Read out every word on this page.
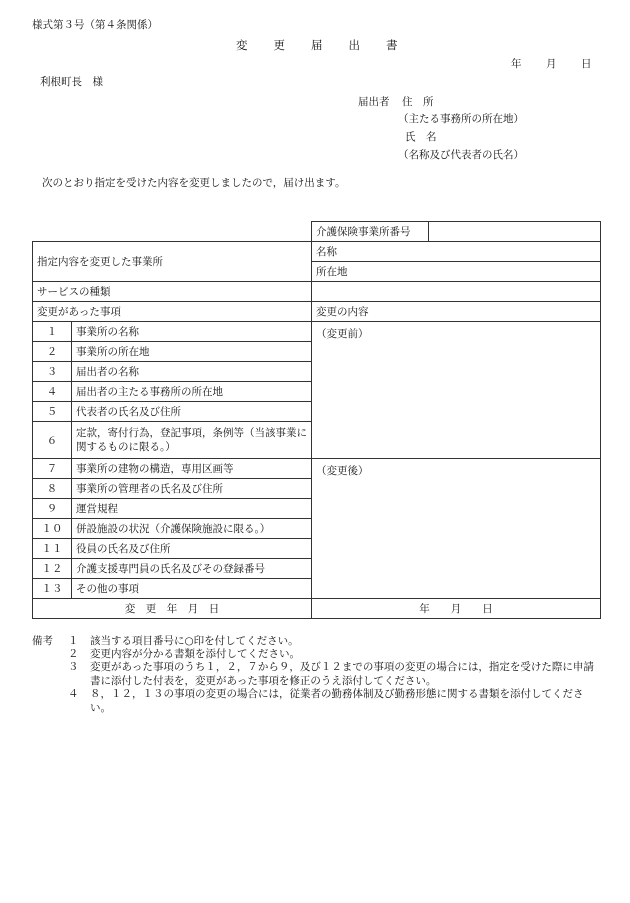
様式第３号（第４条関係）
変 更 届 出 書
年 月 日
利根町長　様
届出者 住　所
（主たる事務所の所在地）
氏　名
（名称及び代表者の氏名）
次のとおり指定を受けた内容を変更しましたので，届け出ます。
		介護保険事業所番号	
指定内容を変更した事業所		名称	
		所在地	
サービスの種類			
変更があった事項		変更の内容	
１	事業所の名称	（変更前）	
２	事業所の所在地		
３	届出者の名称		
４	届出者の主たる事務所の所在地		
５	代表者の氏名及び住所		
６	定款，寄付行為，登記事項，条例等（当該事業に関するものに限る。）		
７	事業所の建物の構造，専用区画等	（変更後）	
８	事業所の管理者の氏名及び住所		
９	運営規程		
１０	併設施設の状況（介護保険施設に限る。）		
１１	役員の氏名及び住所		
１２	介護支援専門員の氏名及びその登録番号		
１３	その他の事項		
変　更　年　月　日		年　　月　　日	
備考 １ 該当する項目番号に○印を付してください。
２ 変更内容が分かる書類を添付してください。
３ 変更があった事項のうち１，２，７から９，及び１２までの事項の変更の場合には，指定を受けた際に申請書に添付した付表を，変更があった事項を修正のうえ添付してください。
４ ８，１２，１３の事項の変更の場合には，従業者の勤務体制及び勤務形態に関する書類を添付してください。
